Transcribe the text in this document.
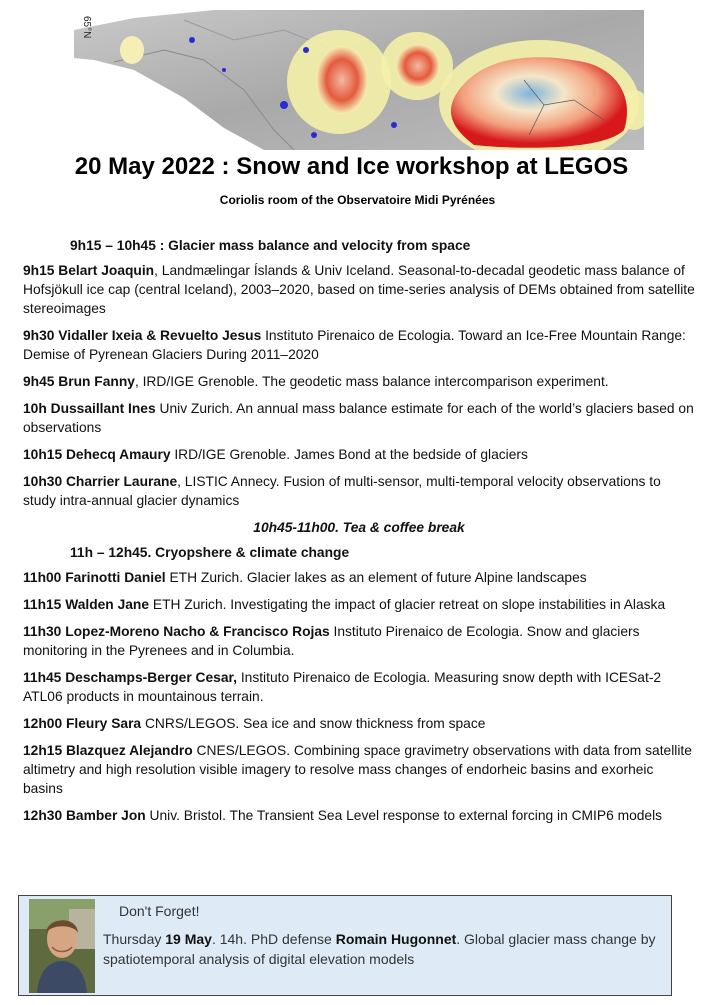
65°N
20 May 2022 : Snow and Ice workshop at LEGOS
Coriolis room of the Observatoire Midi Pyrénées
9h15 – 10h45 : Glacier mass balance and velocity from space

9h15 Belart Joaquin, Landmælingar Íslands & Univ Iceland. Seasonal-to-decadal geodetic mass balance of Hofsjökull ice cap (central Iceland), 2003–2020, based on time-series analysis of DEMs obtained from satellite stereoimages

9h30 Vidaller Ixeia & Revuelto Jesus Instituto Pirenaico de Ecologia. Toward an Ice-Free Mountain Range: Demise of Pyrenean Glaciers During 2011–2020

9h45 Brun Fanny, IRD/IGE Grenoble. The geodetic mass balance intercomparison experiment.

10h Dussaillant Ines Univ Zurich. An annual mass balance estimate for each of the world’s glaciers based on observations

10h15 Dehecq Amaury IRD/IGE Grenoble. James Bond at the bedside of glaciers

10h30 Charrier Laurane, LISTIC Annecy. Fusion of multi-sensor, multi-temporal velocity observations to study intra-annual glacier dynamics

10h45-11h00. Tea & coffee break
11h – 12h45. Cryopshere & climate change

11h00 Farinotti Daniel ETH Zurich. Glacier lakes as an element of future Alpine landscapes

11h15 Walden Jane ETH Zurich. Investigating the impact of glacier retreat on slope instabilities in Alaska

11h30 Lopez-Moreno Nacho & Francisco Rojas Instituto Pirenaico de Ecologia. Snow and glaciers monitoring in the Pyrenees and in Columbia.

11h45 Deschamps-Berger Cesar, Instituto Pirenaico de Ecologia. Measuring snow depth with ICESat-2 ATL06 products in mountainous terrain.

12h00 Fleury Sara CNRS/LEGOS. Sea ice and snow thickness from space

12h15 Blazquez Alejandro CNES/LEGOS. Combining space gravimetry observations with data from satellite altimetry and high resolution visible imagery to resolve mass changes of endorheic basins and exorheic basins

12h30 Bamber Jon Univ. Bristol. The Transient Sea Level response to external forcing in CMIP6 models

Don't Forget!
Thursday 19 May. 14h. PhD defense Romain Hugonnet. Global glacier mass change by spatiotemporal analysis of digital elevation models
